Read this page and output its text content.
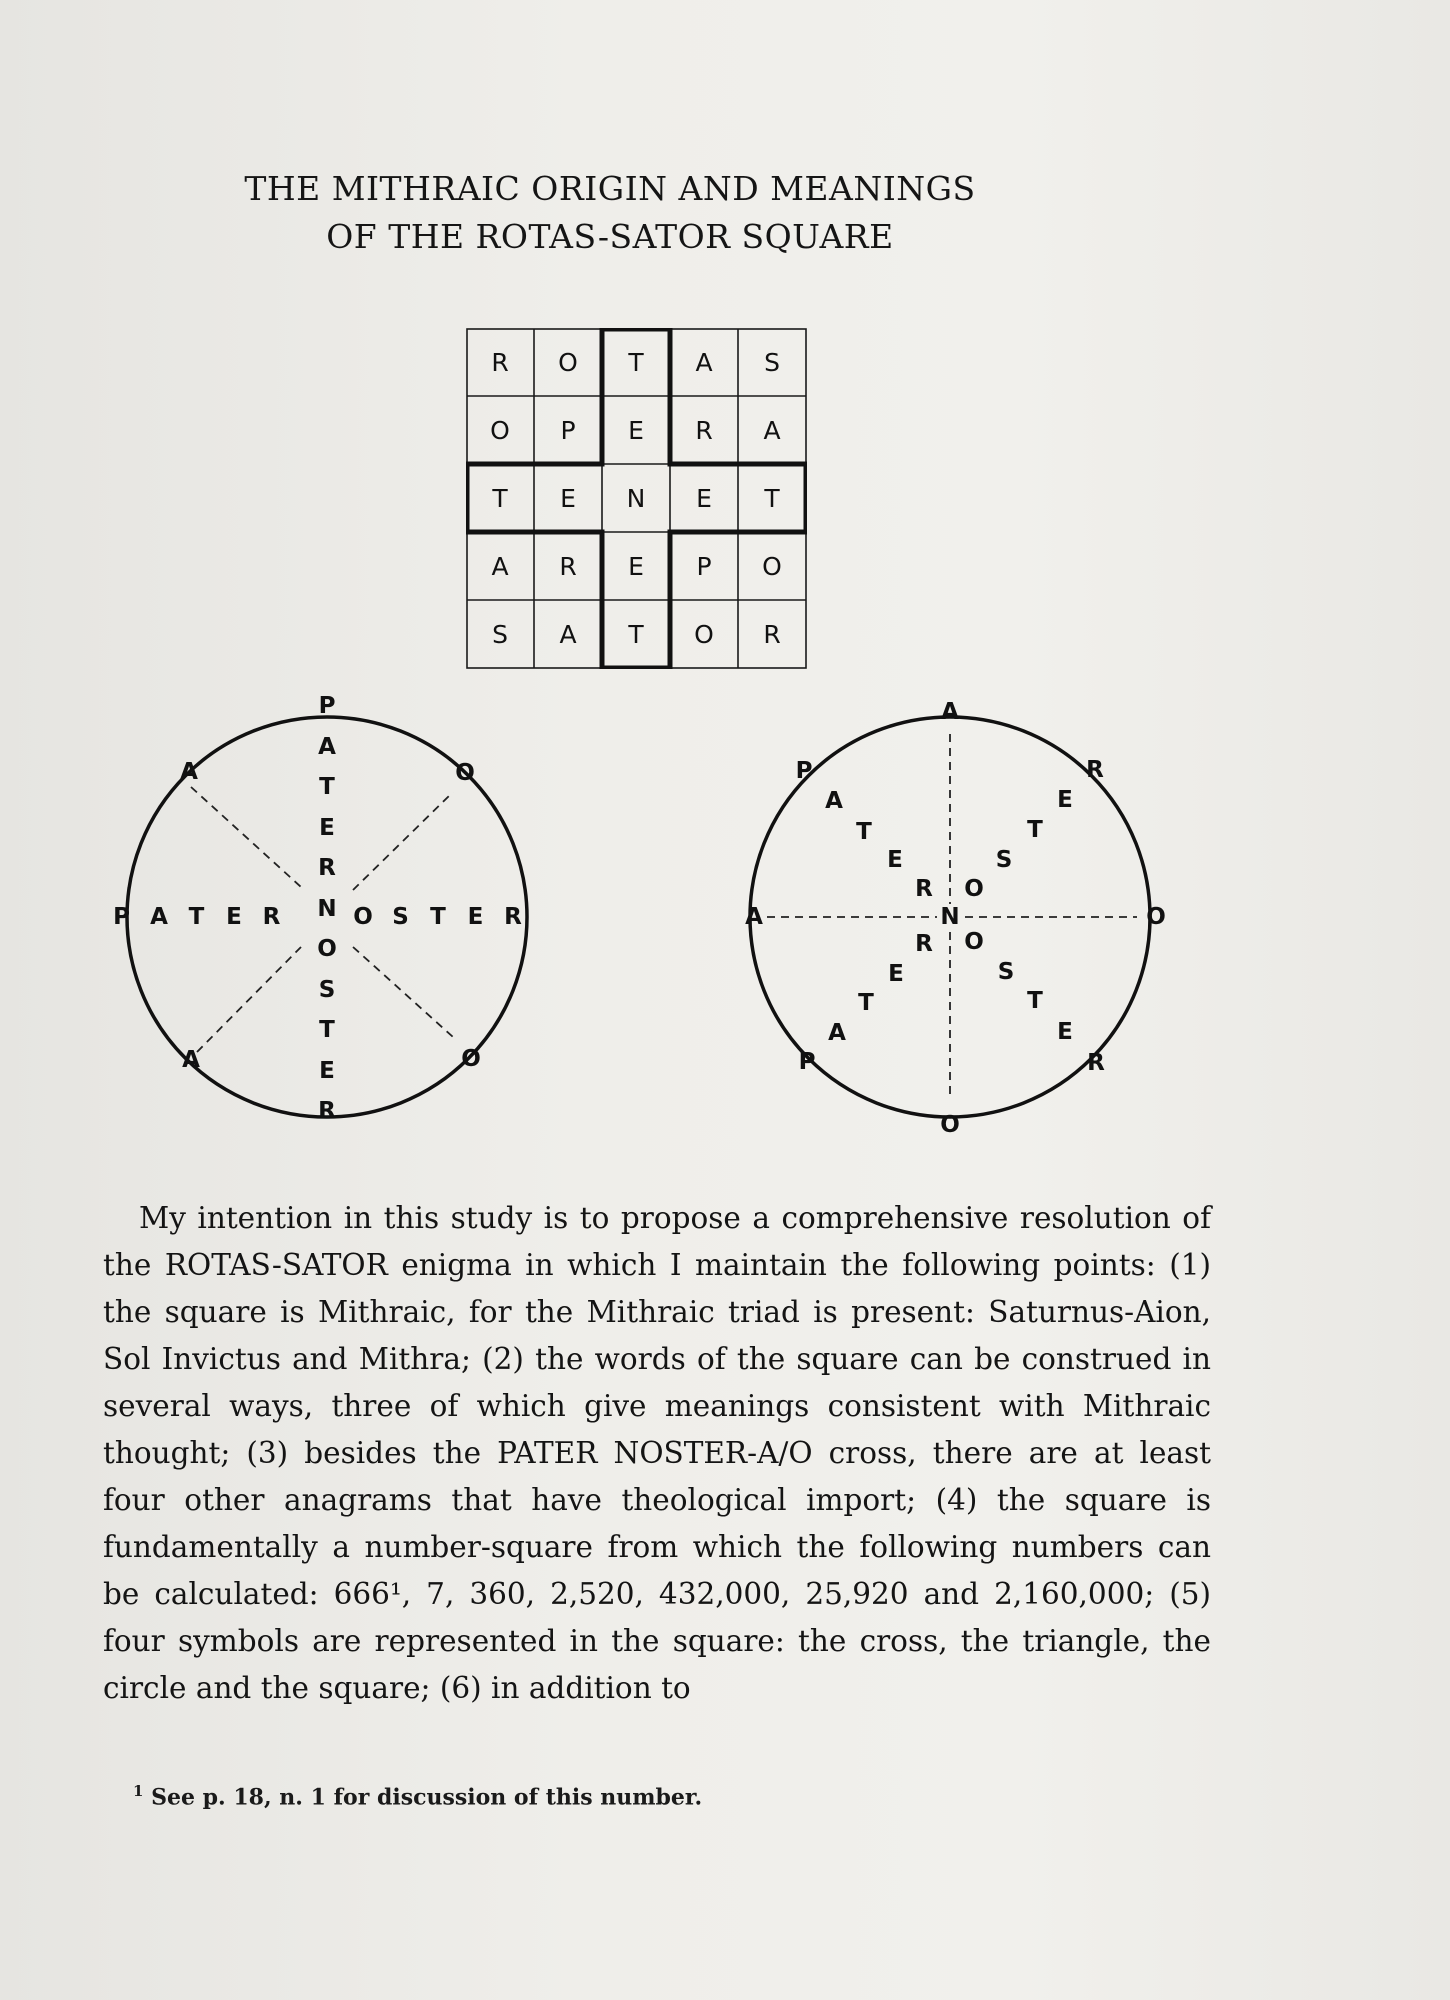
THE MITHRAIC ORIGIN AND MEANINGS
OF THE ROTAS-SATOR SQUARE
R	O	T	A	S
O	P	E	R	A
T	E	N	E	T
A	R	E	P	O
S	A	T	O	R
P
A
T
E
R
N
O
S
T
E
R
P A T E R	O S T E R
A	O
A	O
A
O
A	O
N
P
A
T
E
R
O
S
T
E
R
P
A
T
E
R
O
S
T
E
R

My intention in this study is to propose a comprehensive resolution of the ROTAS-SATOR enigma in which I maintain the following points: (1) the square is Mithraic, for the Mithraic triad is present: Saturnus-Aion, Sol Invictus and Mithra; (2) the words of the square can be construed in several ways, three of which give meanings consistent with Mithraic thought; (3) besides the PATER NOSTER-A/O cross, there are at least four other anagrams that have theological import; (4) the square is fundamentally a number-square from which the following numbers can be calculated: 666¹, 7, 360, 2,520, 432,000, 25,920 and 2,160,000; (5) four symbols are represented in the square: the cross, the triangle, the circle and the square; (6) in addition to

$^1$ See p. 18, n. 1 for discussion of this number.
